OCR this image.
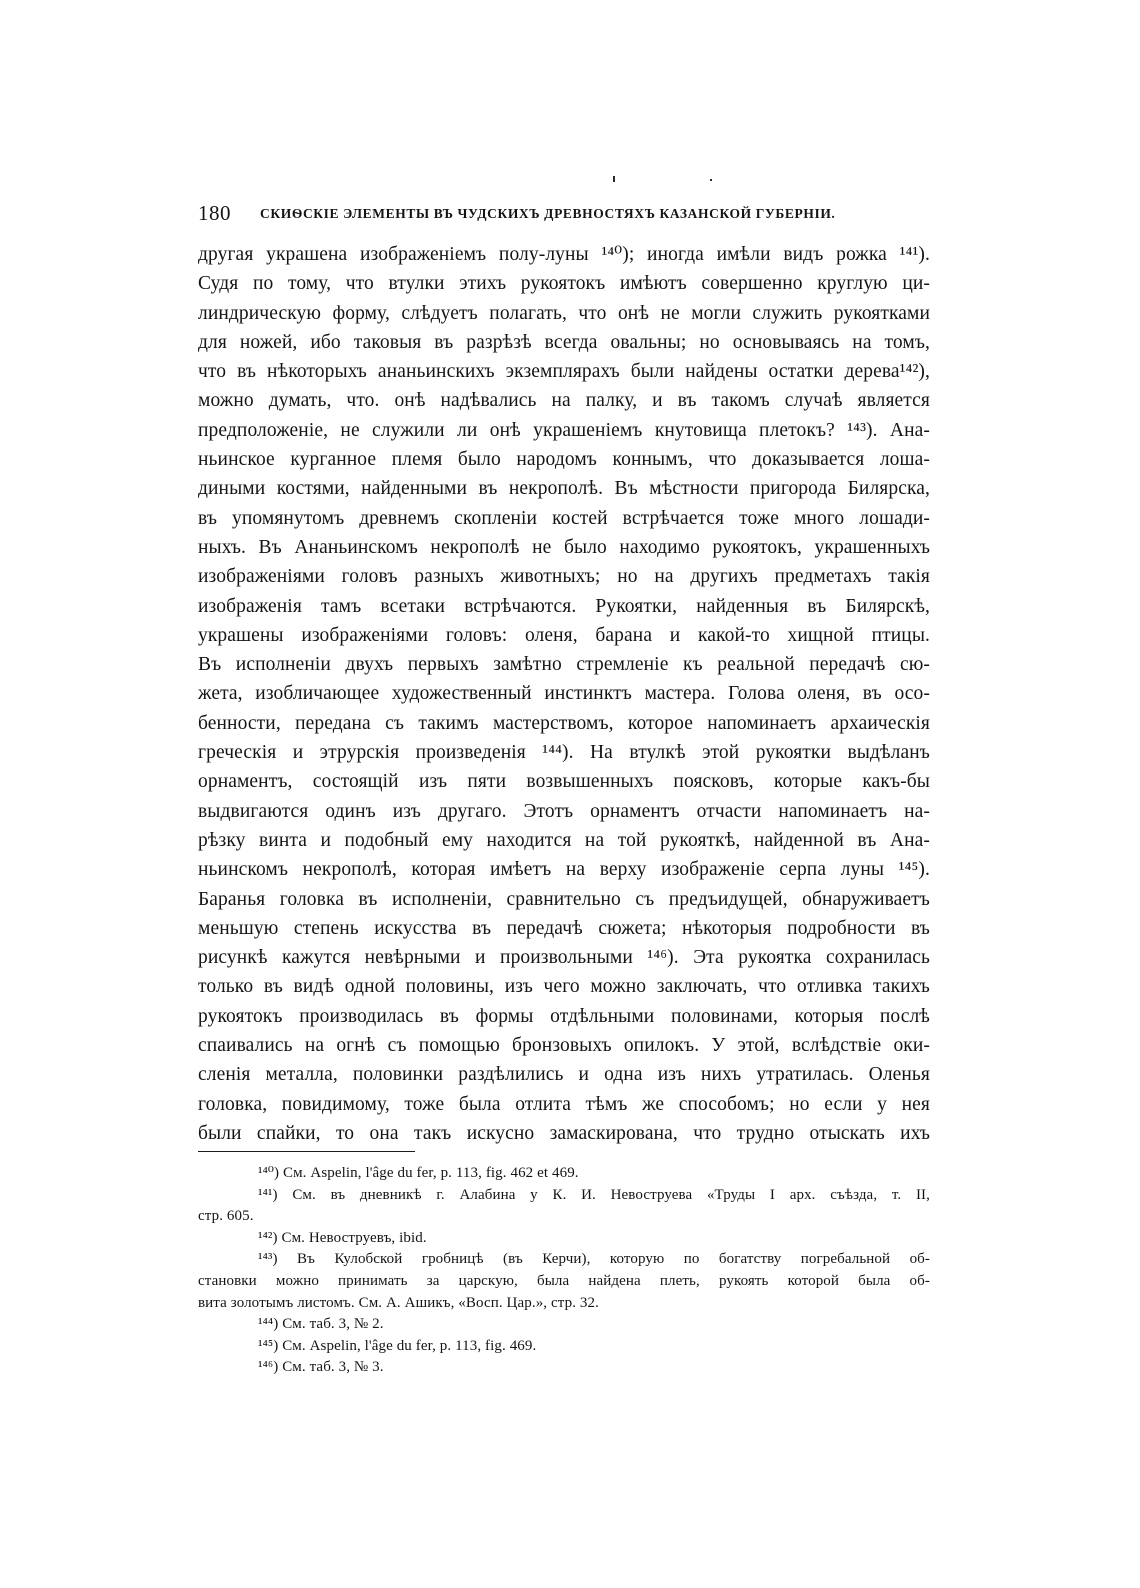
180 СКИѲСКІЕ ЭЛЕМЕНТЫ ВЪ ЧУДСКИХЪ ДРЕВНОСТЯХЪ КАЗАНСКОЙ ГУБЕРНІИ.
другая украшена изображеніемъ полу-луны ¹⁴⁰); иногда имѣли видъ рожка ¹⁴¹).
Судя по тому, что втулки этихъ рукоятокъ имѣютъ совершенно круглую ци-
линдрическую форму, слѣдуетъ полагать, что онѣ не могли служить рукоятками
для ножей, ибо таковыя въ разрѣзѣ всегда овальны; но основываясь на томъ,
что въ нѣкоторыхъ ананьинскихъ экземплярахъ были найдены остатки дерева¹⁴²),
можно думать, что. онѣ надѣвались на палку, и въ такомъ случаѣ является
предположеніе, не служили ли онѣ украшеніемъ кнутовища плетокъ? ¹⁴³). Ана-
ньинское курганное племя было народомъ коннымъ, что доказывается лоша-
диными костями, найденными въ некрополѣ. Въ мѣстности пригорода Билярска,
въ упомянутомъ древнемъ скопленіи костей встрѣчается тоже много лошади-
ныхъ. Въ Ананьинскомъ некрополѣ не было находимо рукоятокъ, украшенныхъ
изображеніями головъ разныхъ животныхъ; но на другихъ предметахъ такія
изображенія тамъ всетаки встрѣчаются. Рукоятки, найденныя въ Билярскѣ,
украшены изображеніями головъ: оленя, барана и какой-то хищной птицы.
Въ исполненіи двухъ первыхъ замѣтно стремленіе къ реальной передачѣ сю-
жета, изобличающее художественный инстинктъ мастера. Голова оленя, въ осо-
бенности, передана съ такимъ мастерствомъ, которое напоминаетъ архаическія
греческія и этрурскія произведенія ¹⁴⁴). На втулкѣ этой рукоятки выдѣланъ
орнаментъ, состоящій изъ пяти возвышенныхъ поясковъ, которые какъ-бы
выдвигаются одинъ изъ другаго. Этотъ орнаментъ отчасти напоминаетъ на-
рѣзку винта и подобный ему находится на той рукояткѣ, найденной въ Ана-
ньинскомъ некрополѣ, которая имѣетъ на верху изображеніе серпа луны ¹⁴⁵).
Баранья головка въ исполненіи, сравнительно съ предъидущей, обнаруживаетъ
меньшую степень искусства въ передачѣ сюжета; нѣкоторыя подробности въ
рисункѣ кажутся невѣрными и произвольными ¹⁴⁶). Эта рукоятка сохранилась
только въ видѣ одной половины, изъ чего можно заключать, что отливка такихъ
рукоятокъ производилась въ формы отдѣльными половинами, которыя послѣ
спаивались на огнѣ съ помощью бронзовыхъ опилокъ. У этой, вслѣдствіе оки-
сленія металла, половинки раздѣлились и одна изъ нихъ утратилась. Оленья
головка, повидимому, тоже была отлита тѣмъ же способомъ; но если у нея
были спайки, то она такъ искусно замаскирована, что трудно отыскать ихъ
¹⁴⁰) См. Aspelin, l'âge du fer, p. 113, fig. 462 et 469.
¹⁴¹) См. въ дневникѣ г. Алабина у К. И. Невоструева «Труды I арх. съѣзда, т. II,
стр. 605.
¹⁴²) См. Невоструевъ, ibid.
¹⁴³) Въ Кулобской гробницѣ (въ Керчи), которую по богатству погребальной об-
становки можно принимать за царскую, была найдена плеть, рукоять которой была об-
вита золотымъ листомъ. См. А. Ашикъ, «Восп. Цар.», стр. 32.
¹⁴⁴) См. таб. 3, № 2.
¹⁴⁵) См. Aspelin, l'âge du fer, p. 113, fig. 469.
¹⁴⁶) См. таб. 3, № 3.
